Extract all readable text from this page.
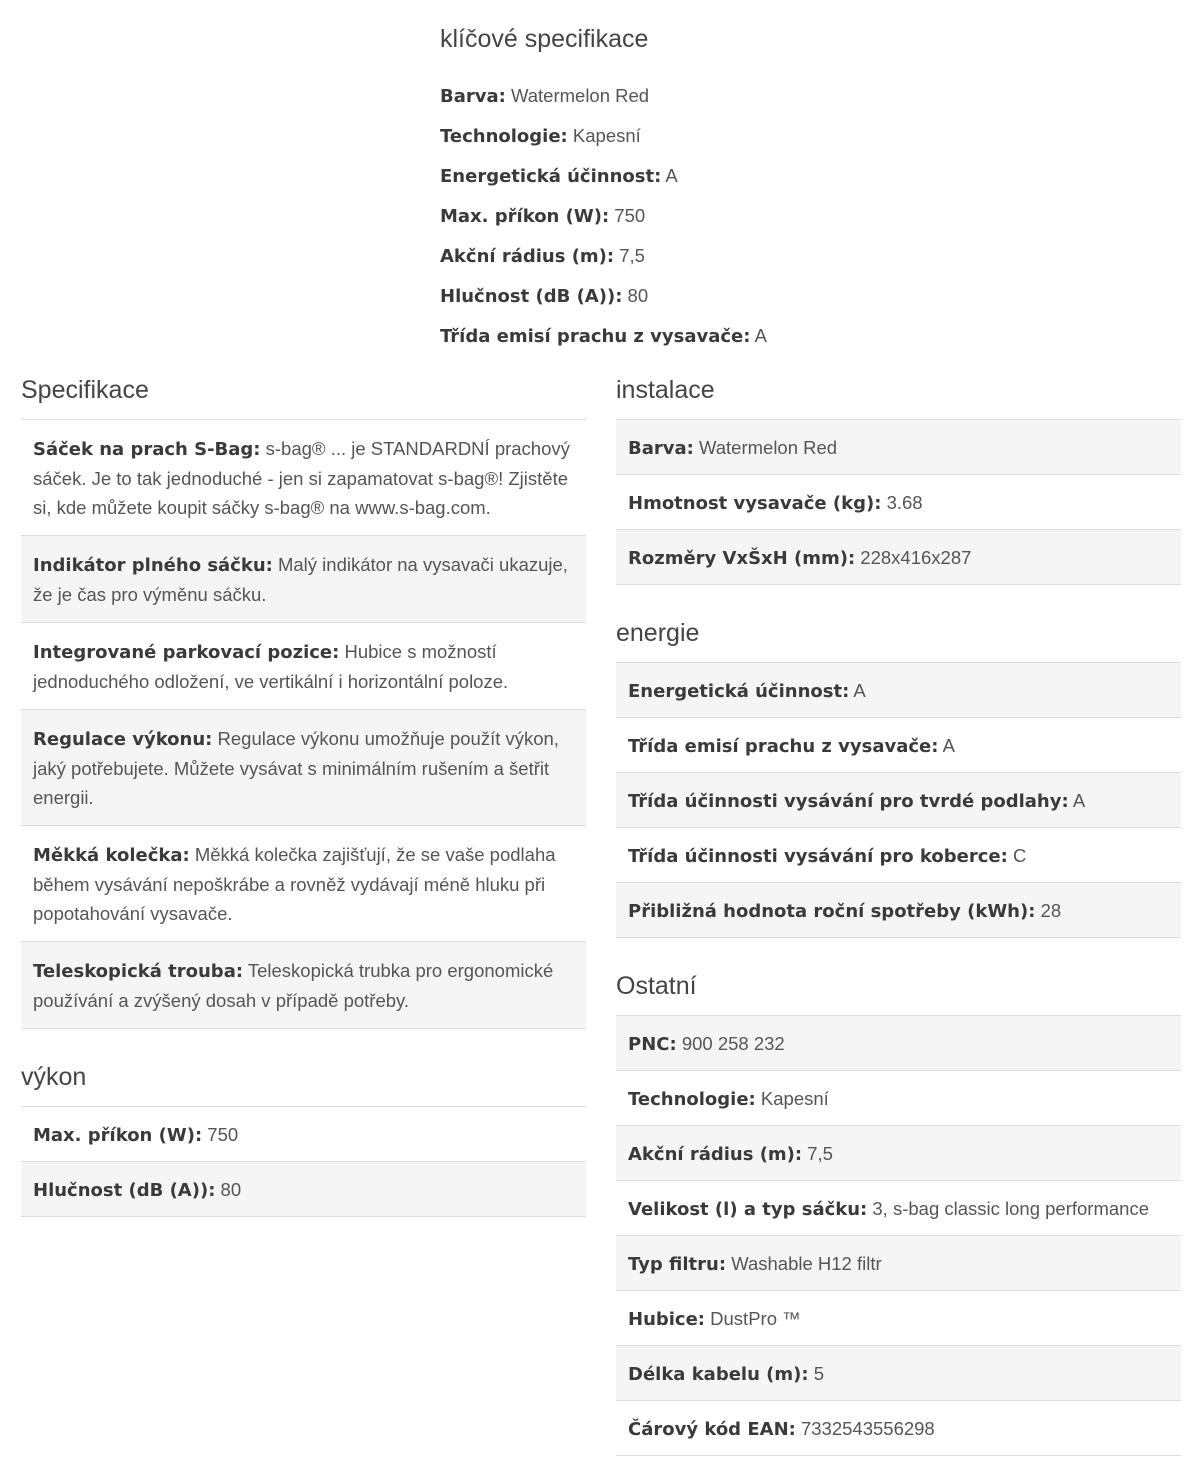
klíčové specifikace
Barva: Watermelon Red
Technologie: Kapesní
Energetická účinnost: A
Max. příkon (W): 750
Akční rádius (m): 7,5
Hlučnost (dB (A)): 80
Třída emisí prachu z vysavače: A
Specifikace
Sáček na prach S-Bag: s-bag® ... je STANDARDNÍ prachový sáček. Je to tak jednoduché - jen si zapamatovat s-bag®! Zjistěte si, kde můžete koupit sáčky s-bag® na www.s-bag.com.
Indikátor plného sáčku: Malý indikátor na vysavači ukazuje, že je čas pro výměnu sáčku.
Integrované parkovací pozice: Hubice s možností jednoduchého odložení, ve vertikální i horizontální poloze.
Regulace výkonu: Regulace výkonu umožňuje použít výkon, jaký potřebujete. Můžete vysávat s minimálním rušením a šetřit energii.
Měkká kolečka: Měkká kolečka zajišťují, že se vaše podlaha během vysávání nepoškrábe a rovněž vydávají méně hluku při popotahování vysavače.
Teleskopická trouba: Teleskopická trubka pro ergonomické používání a zvýšený dosah v případě potřeby.
výkon
Max. příkon (W): 750
Hlučnost (dB (A)): 80
instalace
Barva: Watermelon Red
Hmotnost vysavače (kg): 3.68
Rozměry VxŠxH (mm): 228x416x287
energie
Energetická účinnost: A
Třída emisí prachu z vysavače: A
Třída účinnosti vysávání pro tvrdé podlahy: A
Třída účinnosti vysávání pro koberce: C
Přibližná hodnota roční spotřeby (kWh): 28
Ostatní
PNC: 900 258 232
Technologie: Kapesní
Akční rádius (m): 7,5
Velikost (l) a typ sáčku: 3, s-bag classic long performance
Typ filtru: Washable H12 filtr
Hubice: DustPro ™
Délka kabelu (m): 5
Čárový kód EAN: 7332543556298
